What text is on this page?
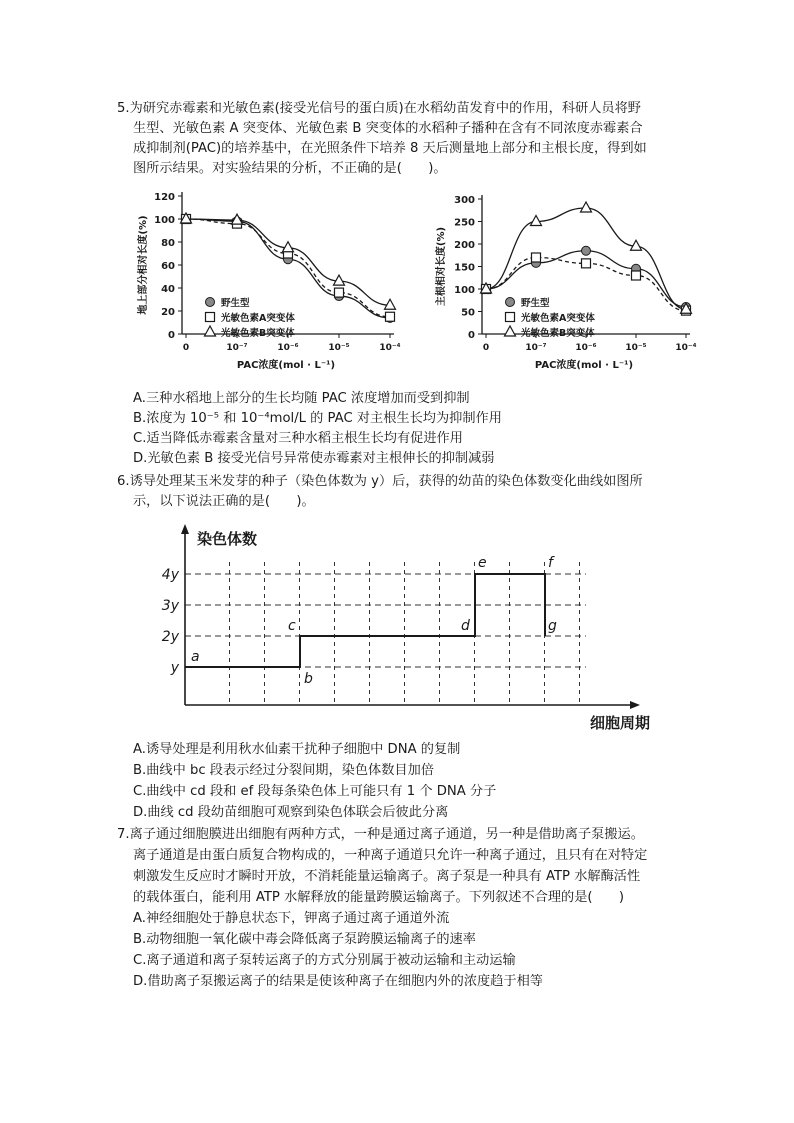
5.为研究赤霉素和光敏色素(接受光信号的蛋白质)在水稻幼苗发育中的作用，科研人员将野
生型、光敏色素 A 突变体、光敏色素 B 突变体的水稻种子播种在含有不同浓度赤霉素合
成抑制剂(PAC)的培养基中，在光照条件下培养 8 天后测量地上部分和主根长度，得到如
图所示结果。对实验结果的分析，不正确的是(　　)。
0
20
40
60
80
100
120
0	10⁻⁷	10⁻⁶	10⁻⁵	10⁻⁴
PAC浓度(mol · L⁻¹)
地上部分相对长度(%)	野生型
光敏色素A突变体
光敏色素B突变体	0
50
100
150
200
250
300
0	10⁻⁷	10⁻⁶	10⁻⁵	10⁻⁴
PAC浓度(mol · L⁻¹)
主根相对长度(%)	野生型
光敏色素A突变体
光敏色素B突变体
A.三种水稻地上部分的生长均随 PAC 浓度增加而受到抑制
B.浓度为 10⁻⁵ 和 10⁻⁴mol/L 的 PAC 对主根生长均为抑制作用
C.适当降低赤霉素含量对三种水稻主根生长均有促进作用
D.光敏色素 B 接受光信号异常使赤霉素对主根伸长的抑制减弱
6.诱导处理某玉米发芽的种子（染色体数为 y）后，获得的幼苗的染色体数变化曲线如图所
示，以下说法正确的是(　　)。
染色体数
细胞周期
y
2y
3y
4y
a
b
c	d
e	f
g
A.诱导处理是利用秋水仙素干扰种子细胞中 DNA 的复制
B.曲线中 bc 段表示经过分裂间期，染色体数目加倍
C.曲线中 cd 段和 ef 段每条染色体上可能只有 1 个 DNA 分子
D.曲线 cd 段幼苗细胞可观察到染色体联会后彼此分离
7.离子通过细胞膜进出细胞有两种方式，一种是通过离子通道，另一种是借助离子泵搬运。
离子通道是由蛋白质复合物构成的，一种离子通道只允许一种离子通过，且只有在对特定
刺激发生反应时才瞬时开放，不消耗能量运输离子。离子泵是一种具有 ATP 水解酶活性
的载体蛋白，能利用 ATP 水解释放的能量跨膜运输离子。下列叙述不合理的是(　　)
A.神经细胞处于静息状态下，钾离子通过离子通道外流
B.动物细胞一氧化碳中毒会降低离子泵跨膜运输离子的速率
C.离子通道和离子泵转运离子的方式分别属于被动运输和主动运输
D.借助离子泵搬运离子的结果是使该种离子在细胞内外的浓度趋于相等
